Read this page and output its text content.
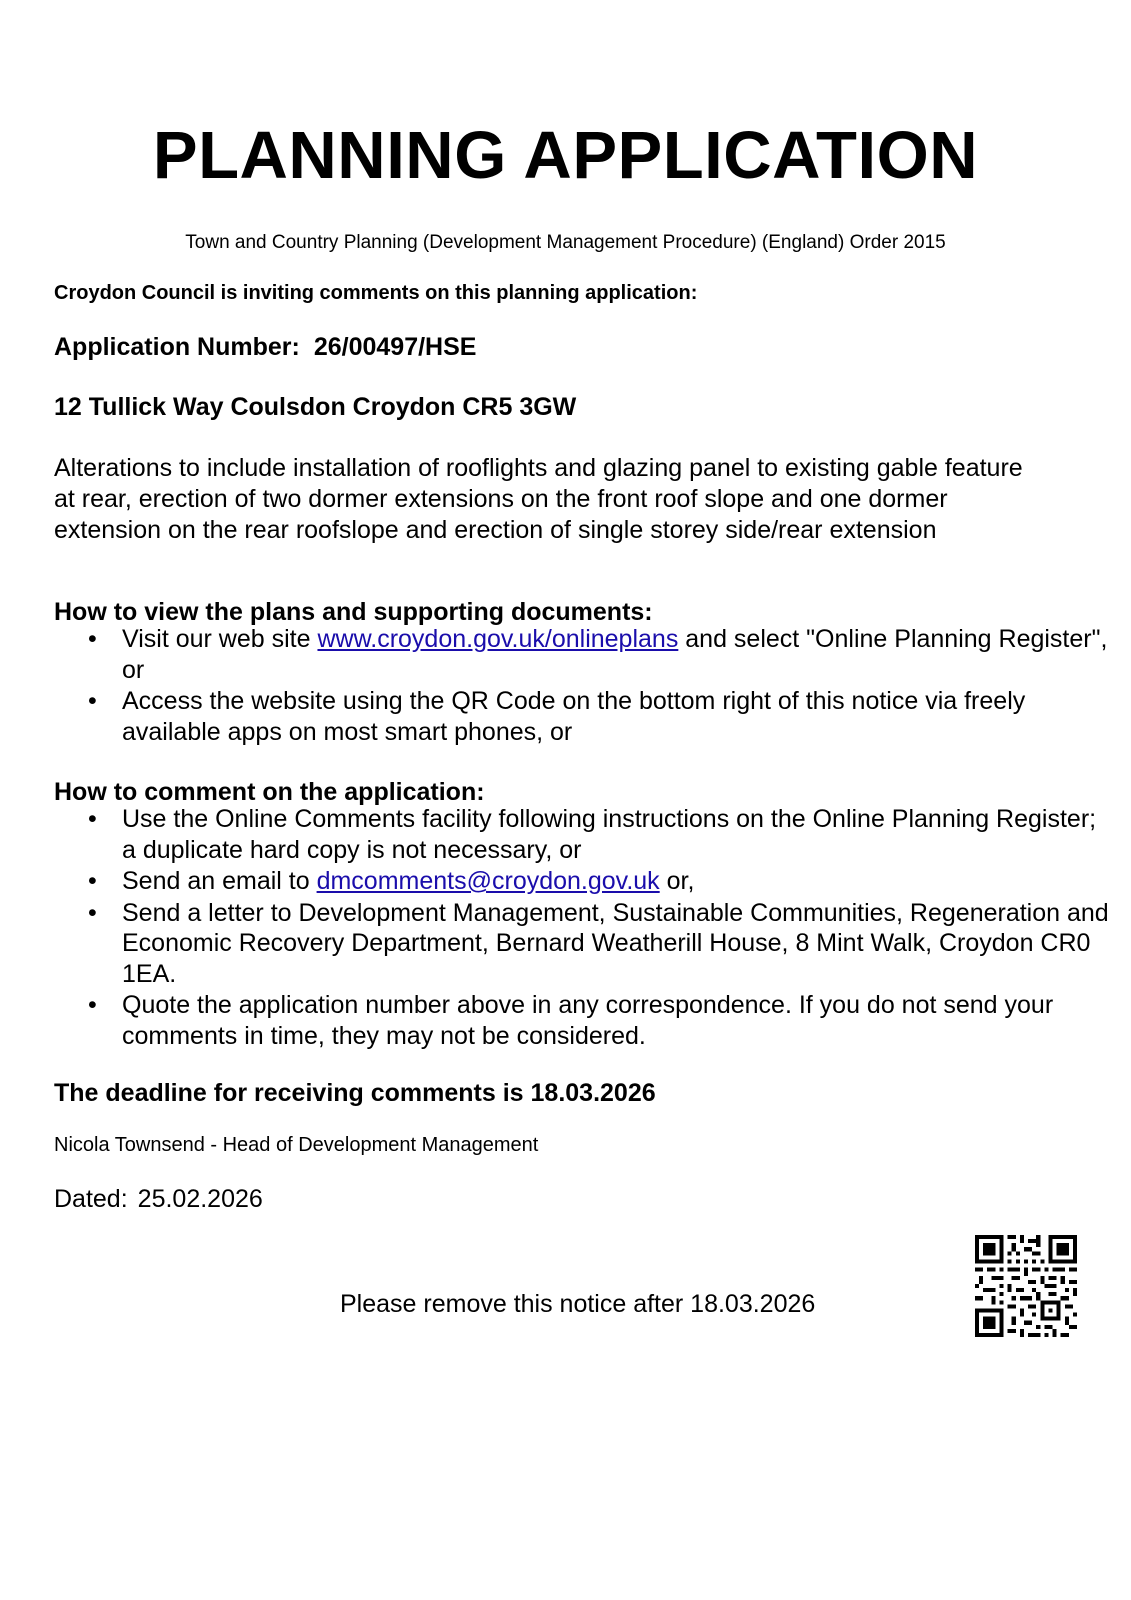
PLANNING APPLICATION
Town and Country Planning (Development Management Procedure) (England) Order 2015
Croydon Council is inviting comments on this planning application:
Application Number: 26/00497/HSE
12 Tullick Way Coulsdon Croydon CR5 3GW
Alterations to include installation of rooflights and glazing panel to existing gable feature at rear, erection of two dormer extensions on the front roof slope and one dormer extension on the rear roofslope and erection of single storey side/rear extension
How to view the plans and supporting documents:
• Visit our web site www.croydon.gov.uk/onlineplans and select "Online Planning Register", or
• Access the website using the QR Code on the bottom right of this notice via freely available apps on most smart phones, or
How to comment on the application:
• Use the Online Comments facility following instructions on the Online Planning Register; a duplicate hard copy is not necessary, or
• Send an email to dmcomments@croydon.gov.uk or,
• Send a letter to Development Management, Sustainable Communities, Regeneration and Economic Recovery Department, Bernard Weatherill House, 8 Mint Walk, Croydon CR0 1EA.
• Quote the application number above in any correspondence. If you do not send your comments in time, they may not be considered.
The deadline for receiving comments is 18.03.2026
Nicola Townsend - Head of Development Management
Dated: 25.02.2026
Please remove this notice after 18.03.2026
